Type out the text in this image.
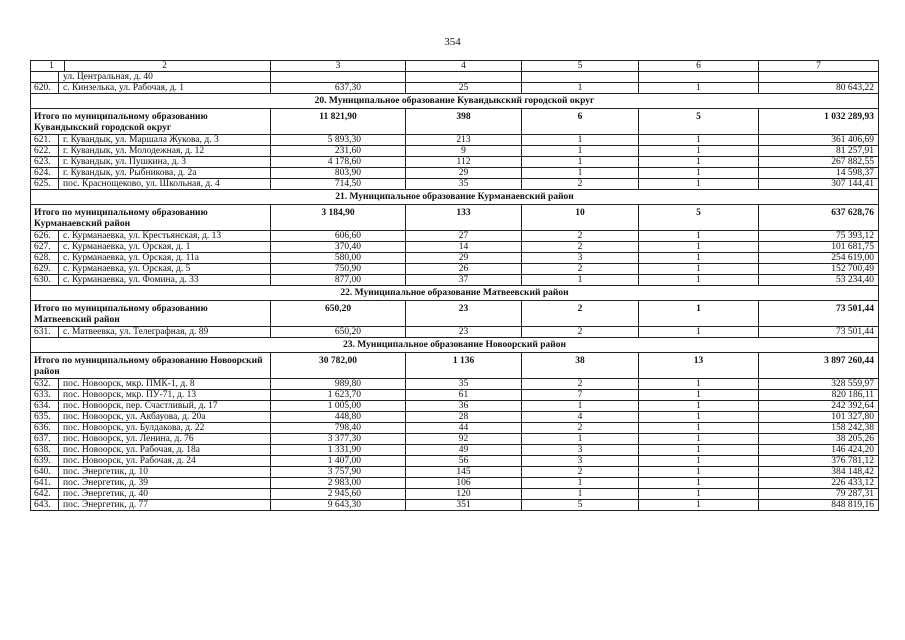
354
1 2	3	4	5	6	7
ул. Центральная, д. 40					
620. с. Кинзелька, ул. Рабочая, д. 1	637,30	25	1	1	80 643,22
20. Муниципальное образование Кувандыкский городской округ					
Итого по муниципальному образованию Кувандыкский городской округ	11 821,90	398	6	5	1 032 289,93
621. г. Кувандык, ул. Маршала Жукова, д. 3	5 893,30	213	1	1	361 406,69
622. г. Кувандык, ул. Молодежная, д. 12	231,60	9	1	1	81 257,91
623. г. Кувандык, ул. Пушкина, д. 3	4 178,60	112	1	1	267 882,55
624. г. Кувандык, ул. Рыбникова, д. 2а	803,90	29	1	1	14 598,37
625. пос. Краснощеково, ул. Школьная, д. 4	714,50	35	2	1	307 144,41
21. Муниципальное образование Курманаевский район					
Итого по муниципальному образованию Курманаевский район	3 184,90	133	10	5	637 628,76
626. с. Курманаевка, ул. Крестьянская, д. 13	606,60	27	2	1	75 393,12
627. с. Курманаевка, ул. Орская, д. 1	370,40	14	2	1	101 681,75
628. с. Курманаевка, ул. Орская, д. 11а	580,00	29	3	1	254 619,00
629. с. Курманаевка, ул. Орская, д. 5	750,90	26	2	1	152 700,49
630. с. Курманаевка, ул. Фомина, д. 33	877,00	37	1	1	53 234,40
22. Муниципальное образование Матвеевский район					
Итого по муниципальному образованию Матвеевский район	650,20	23	2	1	73 501,44
631. с. Матвеевка, ул. Телеграфная, д. 89	650,20	23	2	1	73 501,44
23. Муниципальное образование Новоорский район					
Итого по муниципальному образованию Новоорский район	30 782,00	1 136	38	13	3 897 260,44
632. пос. Новоорск, мкр. ПМК-1, д. 8	989,80	35	2	1	328 559,97
633. пос. Новоорск, мкр. ПУ-71, д. 13	1 623,70	61	7	1	820 186,11
634. пос. Новоорск, пер. Счастливый, д. 17	1 005,00	36	1	1	242 392,64
635. пос. Новоорск, ул. Акбауова, д. 20а	448,80	28	4	1	101 327,80
636. пос. Новоорск, ул. Булдакова, д. 22	798,40	44	2	1	158 242,38
637. пос. Новоорск, ул. Ленина, д. 76	3 377,30	92	1	1	38 205,26
638. пос. Новоорск, ул. Рабочая, д. 18а	1 331,90	49	3	1	146 424,20
639. пос. Новоорск, ул. Рабочая, д. 24	1 407,00	56	3	1	376 781,12
640. пос. Энергетик, д. 10	3 757,90	145	2	1	384 148,42
641. пос. Энергетик, д. 39	2 983,00	106	1	1	226 433,12
642. пос. Энергетик, д. 40	2 945,60	120	1	1	79 287,31
643. пос. Энергетик, д. 77	9 643,30	351	5	1	848 819,16
